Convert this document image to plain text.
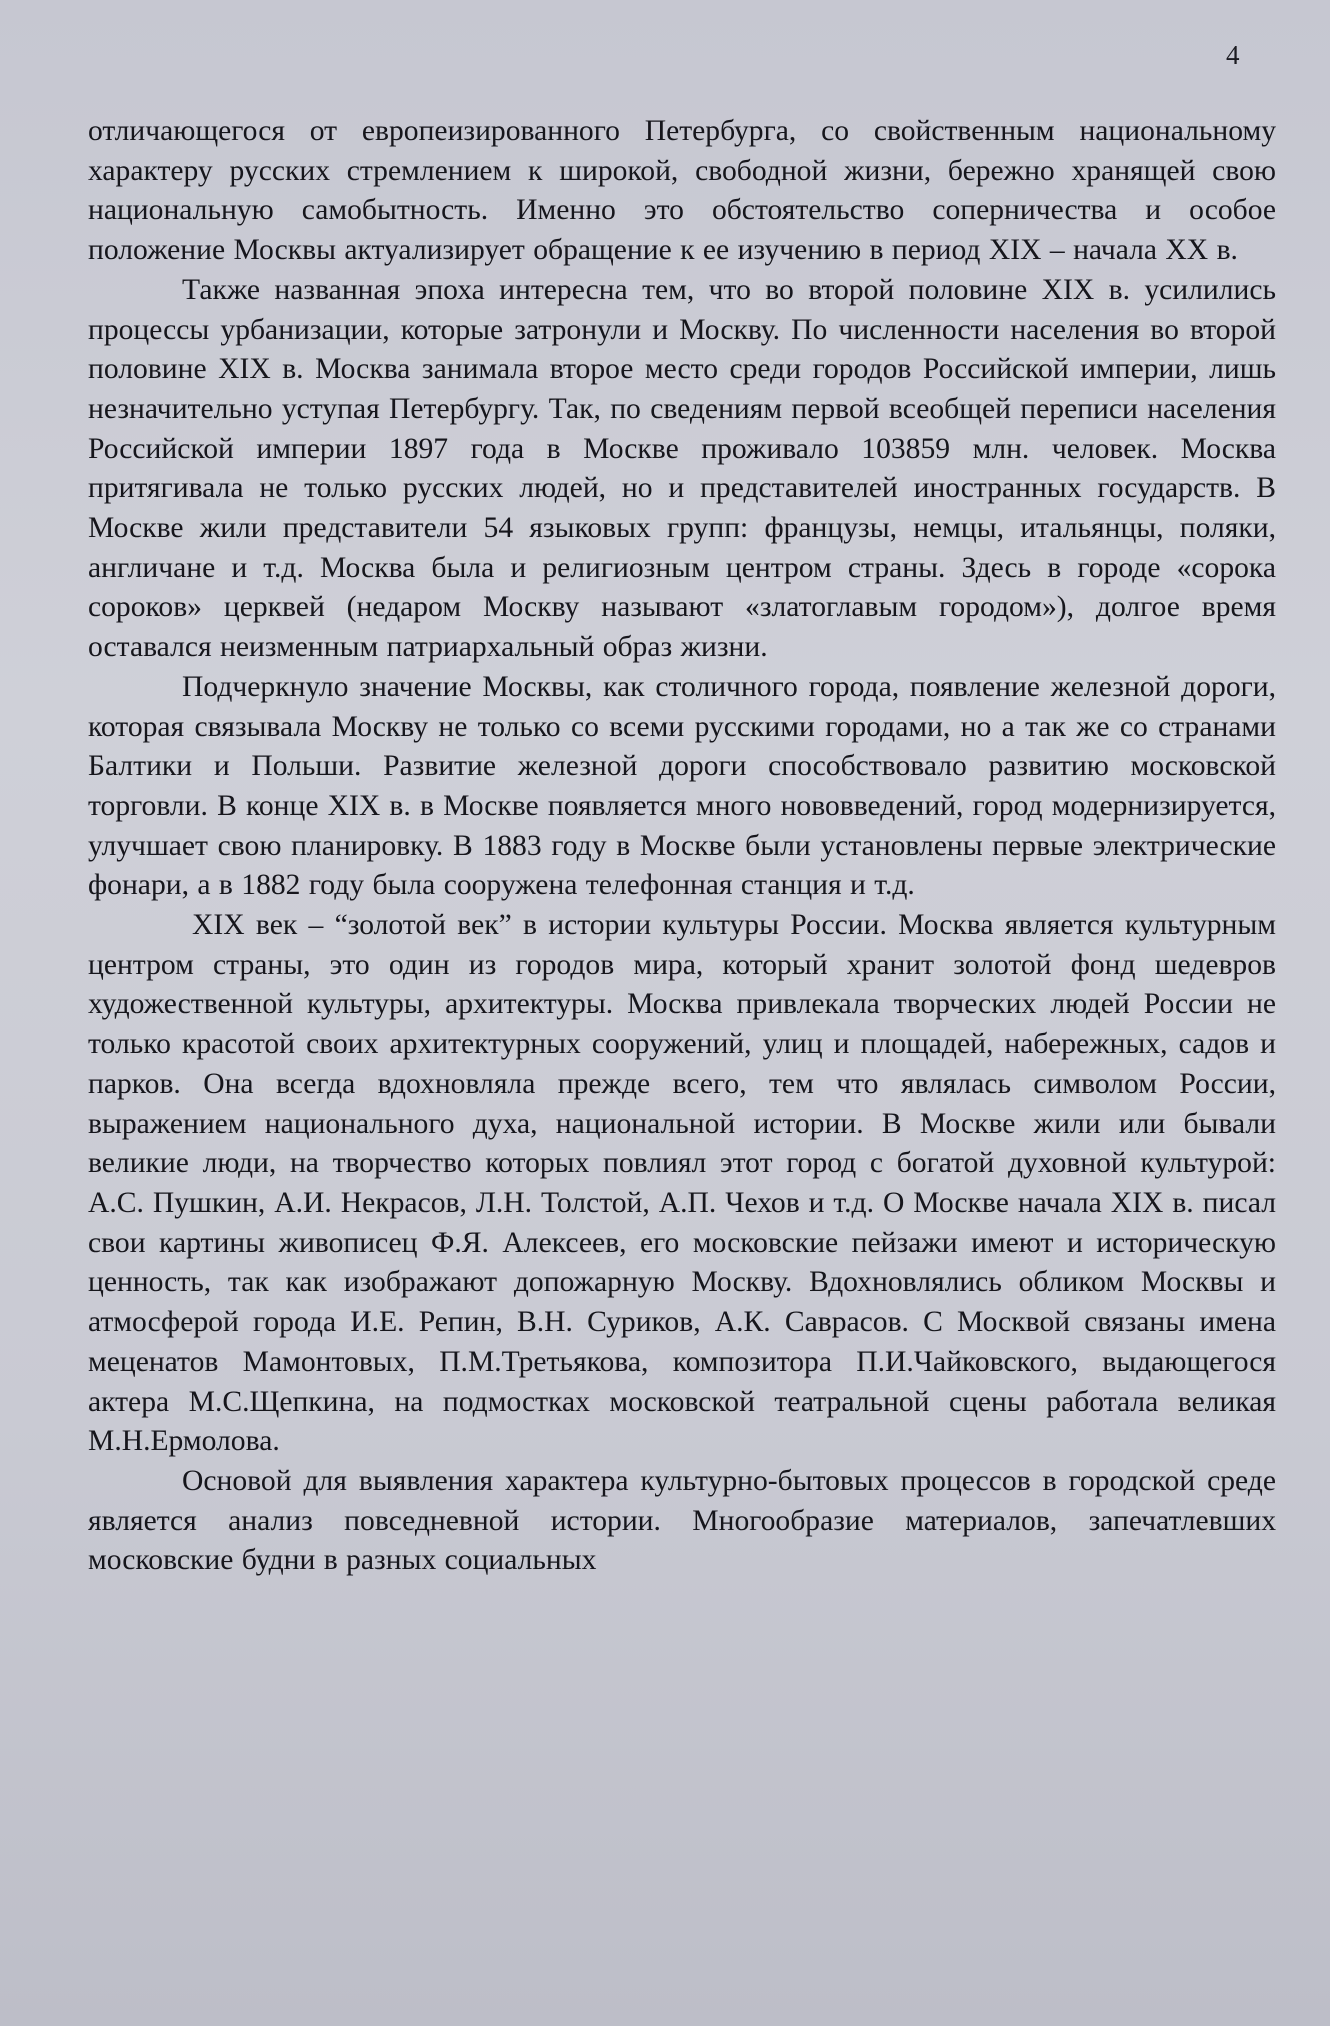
4

отличающегося от европеизированного Петербурга, со свойственным национальному характеру русских стремлением к широкой, свободной жизни, бережно хранящей свою национальную самобытность. Именно это обстоятельство соперничества и особое положение Москвы актуализирует обращение к ее изучению в период XIX – начала XX в.

Также названная эпоха интересна тем, что во второй половине XIX в. усилились процессы урбанизации, которые затронули и Москву. По численности населения во второй половине XIX в. Москва занимала второе место среди городов Российской империи, лишь незначительно уступая Петербургу. Так, по сведениям первой всеобщей переписи населения Российской империи 1897 года в Москве проживало 103859 млн. человек. Москва притягивала не только русских людей, но и представителей иностранных государств. В Москве жили представители 54 языковых групп: французы, немцы, итальянцы, поляки, англичане и т.д. Москва была и религиозным центром страны. Здесь в городе «сорока сороков» церквей (недаром Москву называют «златоглавым городом»), долгое время оставался неизменным патриархальный образ жизни.

Подчеркнуло значение Москвы, как столичного города, появление железной дороги, которая связывала Москву не только со всеми русскими городами, но а так же со странами Балтики и Польши. Развитие железной дороги способствовало развитию московской торговли. В конце XIX в. в Москве появляется много нововведений, город модернизируется, улучшает свою планировку. В 1883 году в Москве были установлены первые электрические фонари, а в 1882 году была сооружена телефонная станция и т.д.

XIX век – “золотой век” в истории культуры России. Москва является культурным центром страны, это один из городов мира, который хранит золотой фонд шедевров художественной культуры, архитектуры. Москва привлекала творческих людей России не только красотой своих архитектурных сооружений, улиц и площадей, набережных, садов и парков. Она всегда вдохновляла прежде всего, тем что являлась символом России, выражением национального духа, национальной истории. В Москве жили или бывали великие люди, на творчество которых повлиял этот город с богатой духовной культурой: А.С. Пушкин, А.И. Некрасов, Л.Н. Толстой, А.П. Чехов и т.д. О Москве начала XIX в. писал свои картины живописец Ф.Я. Алексеев, его московские пейзажи имеют и историческую ценность, так как изображают допожарную Москву. Вдохновлялись обликом Москвы и атмосферой города И.Е. Репин, В.Н. Суриков, А.К. Саврасов. С Москвой связаны имена меценатов Мамонтовых, П.М.Третьякова, композитора П.И.Чайковского, выдающегося актера М.С.Щепкина, на подмостках московской театральной сцены работала великая М.Н.Ермолова.

Основой для выявления характера культурно-бытовых процессов в городской среде является анализ повседневной истории. Многообразие материалов, запечатлевших московские будни в разных социальных
